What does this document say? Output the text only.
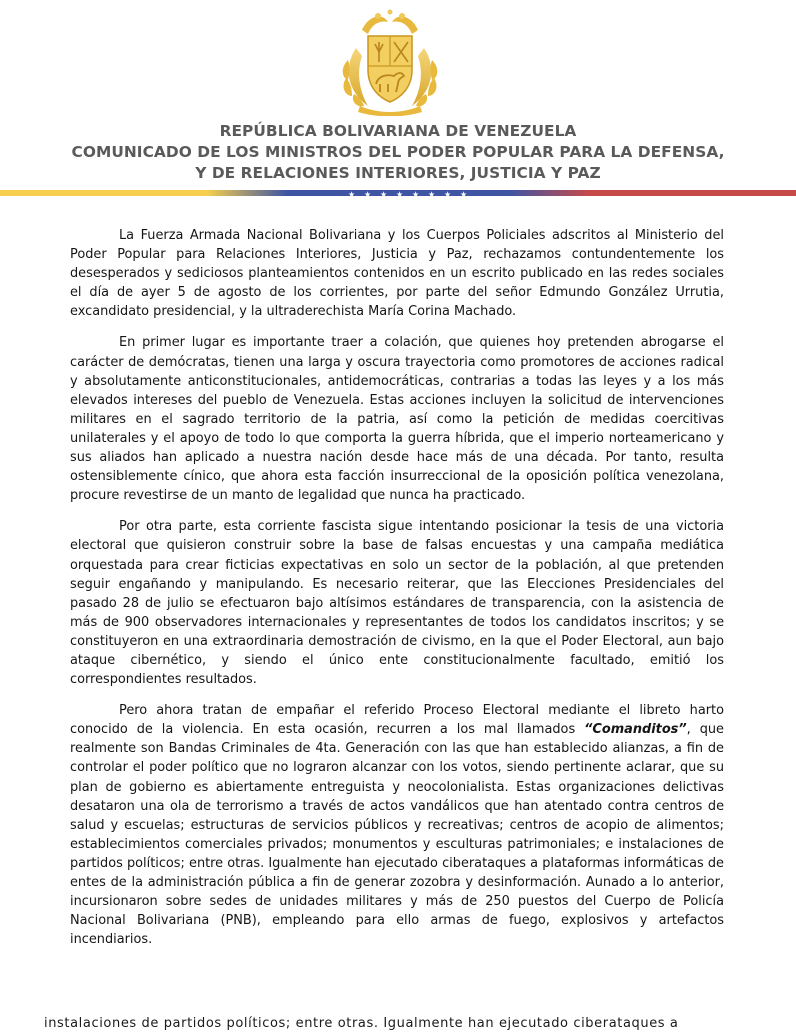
REPÚBLICA BOLIVARIANA DE VENEZUELA
COMUNICADO DE LOS MINISTROS DEL PODER POPULAR PARA LA DEFENSA,
Y DE RELACIONES INTERIORES, JUSTICIA Y PAZ
★ ★ ★ ★ ★ ★ ★ ★

La Fuerza Armada Nacional Bolivariana y los Cuerpos Policiales adscritos al Ministerio del Poder Popular para Relaciones Interiores, Justicia y Paz, rechazamos contundentemente los desesperados y sediciosos planteamientos contenidos en un escrito publicado en las redes sociales el día de ayer 5 de agosto de los corrientes, por parte del señor Edmundo González Urrutia, excandidato presidencial, y la ultraderechista María Corina Machado.

En primer lugar es importante traer a colación, que quienes hoy pretenden abrogarse el carácter de demócratas, tienen una larga y oscura trayectoria como promotores de acciones radical y absolutamente anticonstitucionales, antidemocráticas, contrarias a todas las leyes y a los más elevados intereses del pueblo de Venezuela. Estas acciones incluyen la solicitud de intervenciones militares en el sagrado territorio de la patria, así como la petición de medidas coercitivas unilaterales y el apoyo de todo lo que comporta la guerra híbrida, que el imperio norteamericano y sus aliados han aplicado a nuestra nación desde hace más de una década. Por tanto, resulta ostensiblemente cínico, que ahora esta facción insurreccional de la oposición política venezolana, procure revestirse de un manto de legalidad que nunca ha practicado.

Por otra parte, esta corriente fascista sigue intentando posicionar la tesis de una victoria electoral que quisieron construir sobre la base de falsas encuestas y una campaña mediática orquestada para crear ficticias expectativas en solo un sector de la población, al que pretenden seguir engañando y manipulando. Es necesario reiterar, que las Elecciones Presidenciales del pasado 28 de julio se efectuaron bajo altísimos estándares de transparencia, con la asistencia de más de 900 observadores internacionales y representantes de todos los candidatos inscritos; y se constituyeron en una extraordinaria demostración de civismo, en la que el Poder Electoral, aun bajo ataque cibernético, y siendo el único ente constitucionalmente facultado, emitió los correspondientes resultados.

Pero ahora tratan de empañar el referido Proceso Electoral mediante el libreto harto conocido de la violencia. En esta ocasión, recurren a los mal llamados “Comanditos”, que realmente son Bandas Criminales de 4ta. Generación con las que han establecido alianzas, a fin de controlar el poder político que no lograron alcanzar con los votos, siendo pertinente aclarar, que su plan de gobierno es abiertamente entreguista y neocolonialista. Estas organizaciones delictivas desataron una ola de terrorismo a través de actos vandálicos que han atentado contra centros de salud y escuelas; estructuras de servicios públicos y recreativas; centros de acopio de alimentos; establecimientos comerciales privados; monumentos y esculturas patrimoniales; e instalaciones de partidos políticos; entre otras. Igualmente han ejecutado ciberataques a plataformas informáticas de entes de la administración pública a fin de generar zozobra y desinformación. Aunado a lo anterior, incursionaron sobre sedes de unidades militares y más de 250 puestos del Cuerpo de Policía Nacional Bolivariana (PNB), empleando para ello armas de fuego, explosivos y artefactos incendiarios.

instalaciones de partidos políticos; entre otras. Igualmente han ejecutado ciberataques a
